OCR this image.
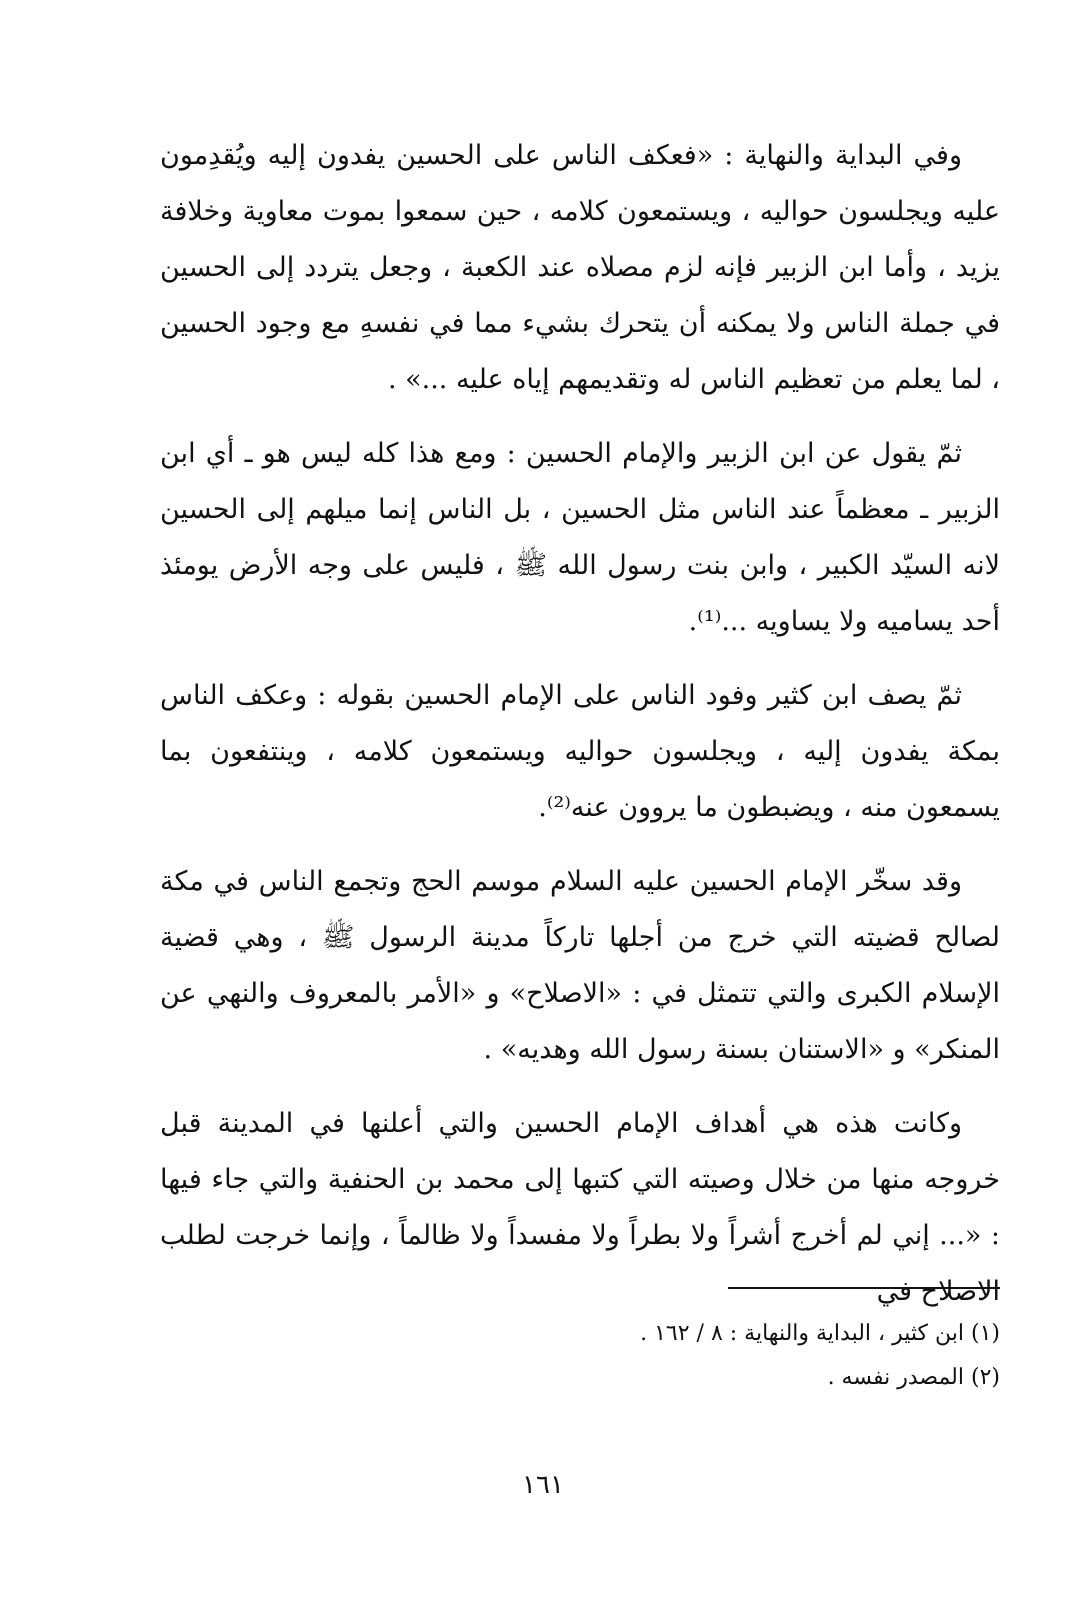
وفي البداية والنهاية : «فعكف الناس على الحسين يفدون إليه ويُقدِمون عليه ويجلسون حواليه ، ويستمعون كلامه ، حين سمعوا بموت معاوية وخلافة يزيد ، وأما ابن الزبير فإنه لزم مصلاه عند الكعبة ، وجعل يتردد إلى الحسين في جملة الناس ولا يمكنه أن يتحرك بشيء مما في نفسهِ مع وجود الحسين ، لما يعلم من تعظيم الناس له وتقديمهم إياه عليه ...» .

ثمّ يقول عن ابن الزبير والإمام الحسين : ومع هذا كله ليس هو ـ أي ابن الزبير ـ معظماً عند الناس مثل الحسين ، بل الناس إنما ميلهم إلى الحسين لانه السيّد الكبير ، وابن بنت رسول الله ﷺ ، فليس على وجه الأرض يومئذ أحد يساميه ولا يساويه ...⁽¹⁾.

ثمّ يصف ابن كثير وفود الناس على الإمام الحسين بقوله : وعكف الناس بمكة يفدون إليه ، ويجلسون حواليه ويستمعون كلامه ، وينتفعون بما يسمعون منه ، ويضبطون ما يروون عنه⁽²⁾.

وقد سخّر الإمام الحسين عليه السلام موسم الحج وتجمع الناس في مكة لصالح قضيته التي خرج من أجلها تاركاً مدينة الرسول ﷺ ، وهي قضية الإسلام الكبرى والتي تتمثل في : «الاصلاح» و «الأمر بالمعروف والنهي عن المنكر» و «الاستنان بسنة رسول الله وهديه» .

وكانت هذه هي أهداف الإمام الحسين والتي أعلنها في المدينة قبل خروجه منها من خلال وصيته التي كتبها إلى محمد بن الحنفية والتي جاء فيها : «... إني لم أخرج أشراً ولا بطراً ولا مفسداً ولا ظالماً ، وإنما خرجت لطلب الاصلاح في

(١) ابن كثير ، البداية والنهاية : ٨ / ١٦٢ .
(٢) المصدر نفسه .
١٦١
